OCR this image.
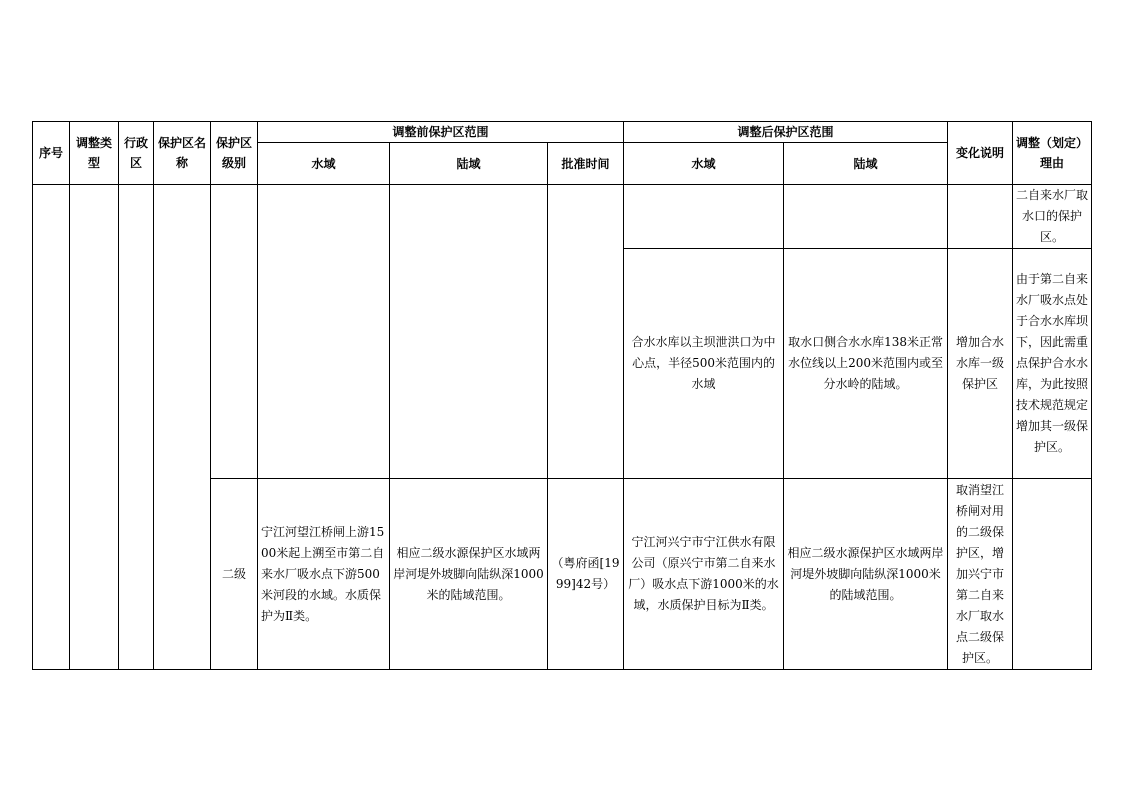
序号	调整类型	行政区	保护区名称	保护区级别	调整前保护区范围			调整后保护区范围		变化说明	调整（划定）理由
					水域	陆域	批准时间	水域	陆域		
											二自来水厂取水口的保护区。
								合水水库以主坝泄洪口为中心点，半径500米范围内的水域	取水口侧合水水库138米正常水位线以上200米范围内或至分水岭的陆域。	增加合水水库一级保护区	由于第二自来水厂吸水点处于合水水库坝下，因此需重点保护合水水库，为此按照技术规范规定增加其一级保护区。
				二级	宁江河望江桥闸上游1500米起上溯至市第二自来水厂吸水点下游500米河段的水域。水质保护为Ⅱ类。	相应二级水源保护区水域两岸河堤外坡脚向陆纵深1000米的陆域范围。	（粤府函[1999]42号）	宁江河兴宁市宁江供水有限公司（原兴宁市第二自来水厂）吸水点下游1000米的水域，水质保护目标为Ⅱ类。	相应二级水源保护区水域两岸河堤外坡脚向陆纵深1000米的陆域范围。	取消望江桥闸对用的二级保护区，增加兴宁市第二自来水厂取水点二级保护区。	
